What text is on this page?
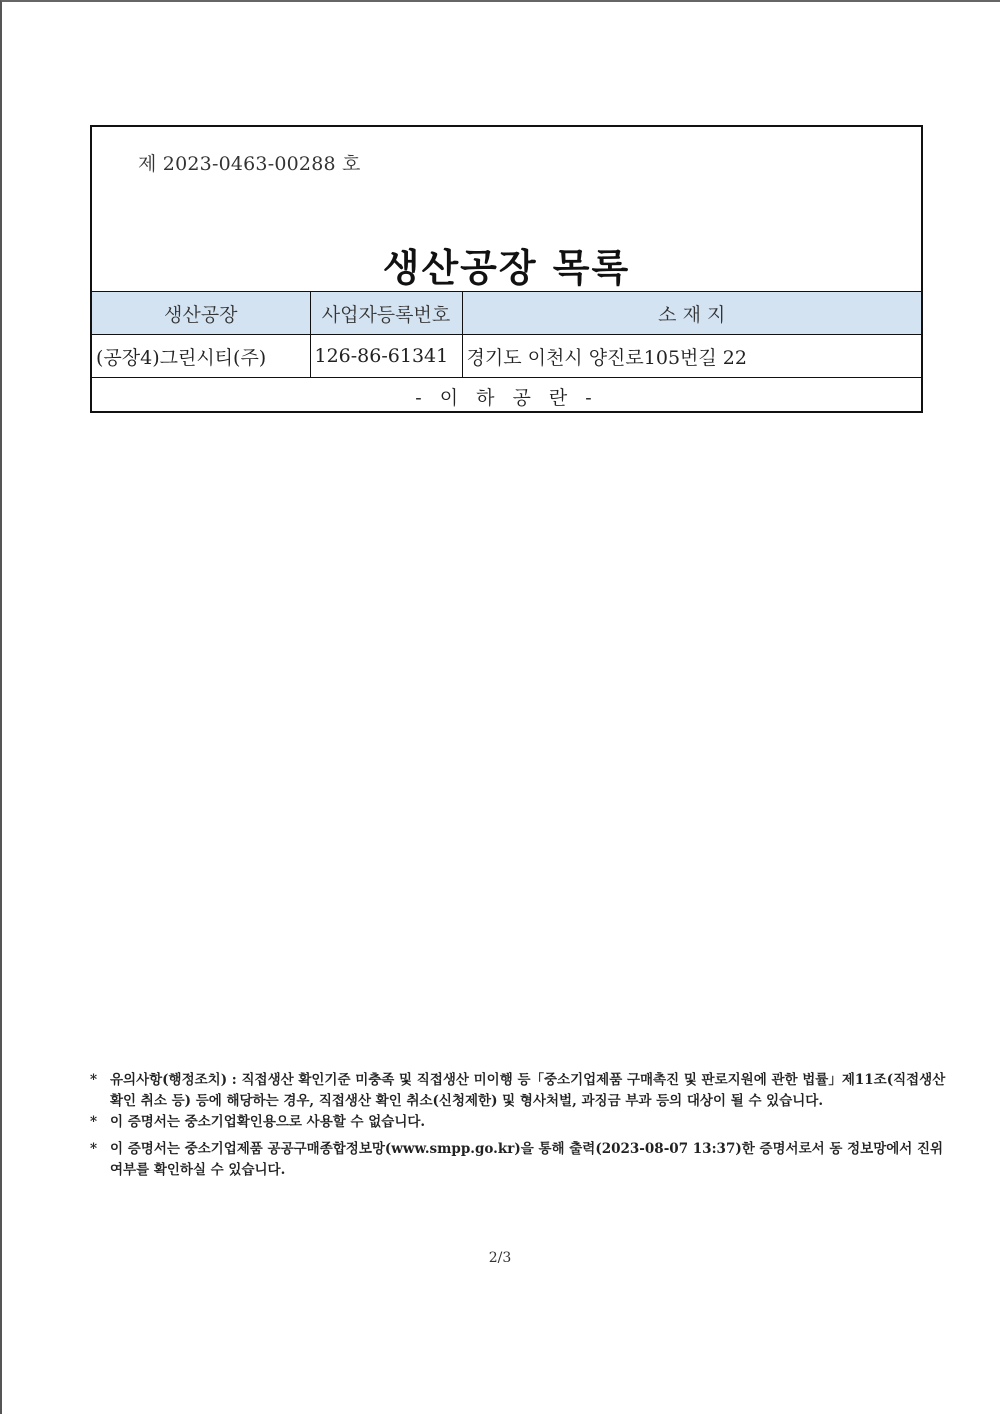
제 2023-0463-00288 호
생산공장 목록
생산공장	사업자등록번호	소 재 지
(공장4)그린시티(주)	126-86-61341	경기도 이천시 양진로105번길 22
- 이 하 공 란 -		
* 유의사항(행정조치) : 직접생산 확인기준 미충족 및 직접생산 미이행 등「중소기업제품 구매촉진 및 판로지원에 관한 법률」제11조(직접생산 확인 취소 등) 등에 해당하는 경우, 직접생산 확인 취소(신청제한) 및 형사처벌, 과징금 부과 등의 대상이 될 수 있습니다.
* 이 증명서는 중소기업확인용으로 사용할 수 없습니다.
* 이 증명서는 중소기업제품 공공구매종합정보망(www.smpp.go.kr)을 통해 출력(2023-08-07 13:37)한 증명서로서 동 정보망에서 진위여부를 확인하실 수 있습니다.
2/3
